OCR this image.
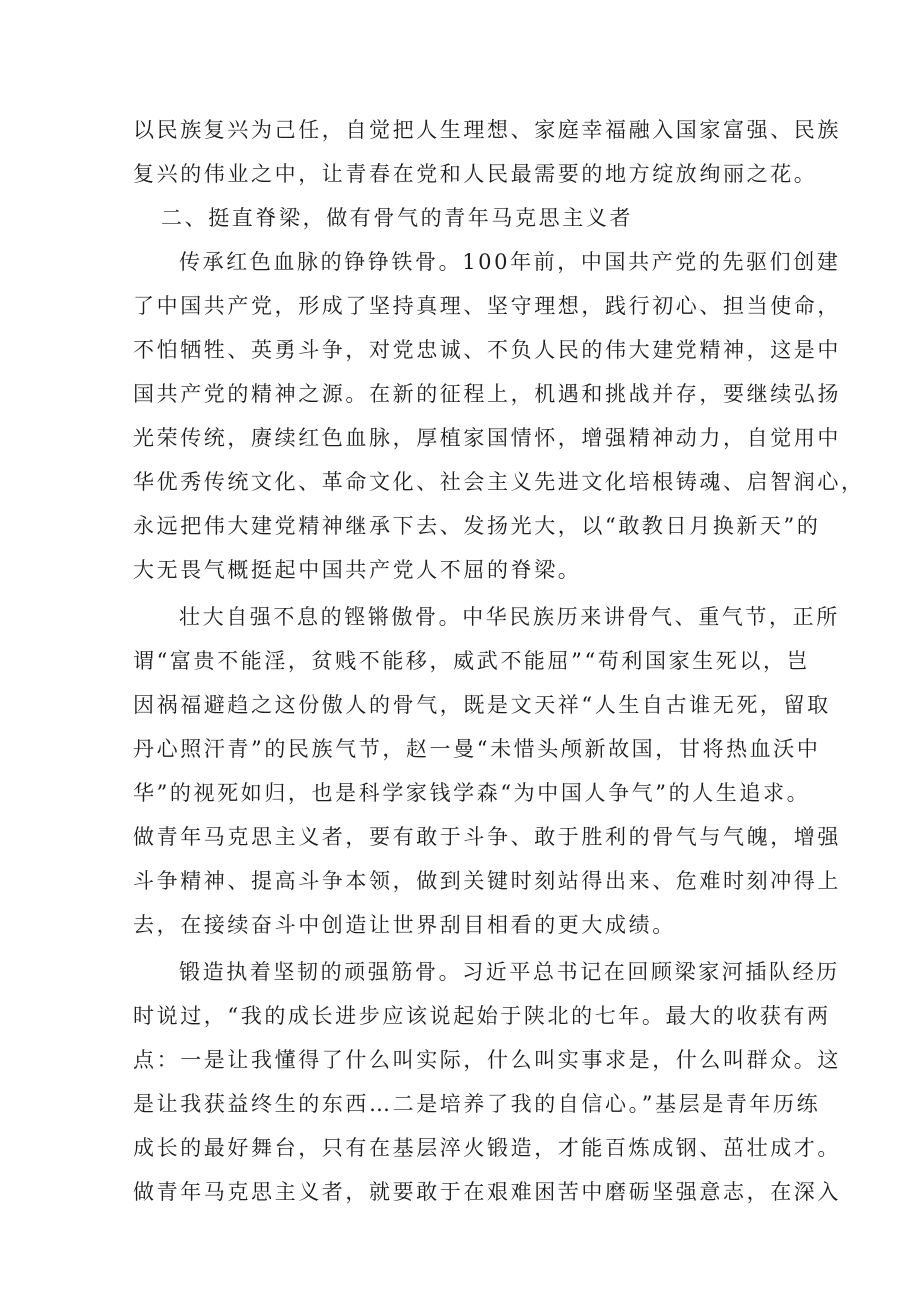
以民族复兴为己任，自觉把人生理想、家庭幸福融入国家富强、民族
复兴的伟业之中，让青春在党和人民最需要的地方绽放绚丽之花。
二、挺直脊梁，做有骨气的青年马克思主义者
传承红色血脉的铮铮铁骨。100年前，中国共产党的先驱们创建
了中国共产党，形成了坚持真理、坚守理想，践行初心、担当使命，
不怕牺牲、英勇斗争，对党忠诚、不负人民的伟大建党精神，这是中
国共产党的精神之源。在新的征程上，机遇和挑战并存，要继续弘扬
光荣传统，赓续红色血脉，厚植家国情怀，增强精神动力，自觉用中
华优秀传统文化、革命文化、社会主义先进文化培根铸魂、启智润心，
永远把伟大建党精神继承下去、发扬光大，以“敢教日月换新天”的
大无畏气概挺起中国共产党人不屈的脊梁。
壮大自强不息的铿锵傲骨。中华民族历来讲骨气、重气节，正所
谓“富贵不能淫，贫贱不能移，威武不能屈”“苟利国家生死以，岂
因祸福避趋之这份傲人的骨气，既是文天祥“人生自古谁无死，留取
丹心照汗青”的民族气节，赵一曼“未惜头颅新故国，甘将热血沃中
华”的视死如归，也是科学家钱学森“为中国人争气”的人生追求。
做青年马克思主义者，要有敢于斗争、敢于胜利的骨气与气魄，增强
斗争精神、提高斗争本领，做到关键时刻站得出来、危难时刻冲得上
去，在接续奋斗中创造让世界刮目相看的更大成绩。
锻造执着坚韧的顽强筋骨。习近平总书记在回顾梁家河插队经历
时说过，“我的成长进步应该说起始于陕北的七年。最大的收获有两
点：一是让我懂得了什么叫实际，什么叫实事求是，什么叫群众。这
是让我获益终生的东西…二是培养了我的自信心。”基层是青年历练
成长的最好舞台，只有在基层淬火锻造，才能百炼成钢、茁壮成才。
做青年马克思主义者，就要敢于在艰难困苦中磨砺坚强意志，在深入
